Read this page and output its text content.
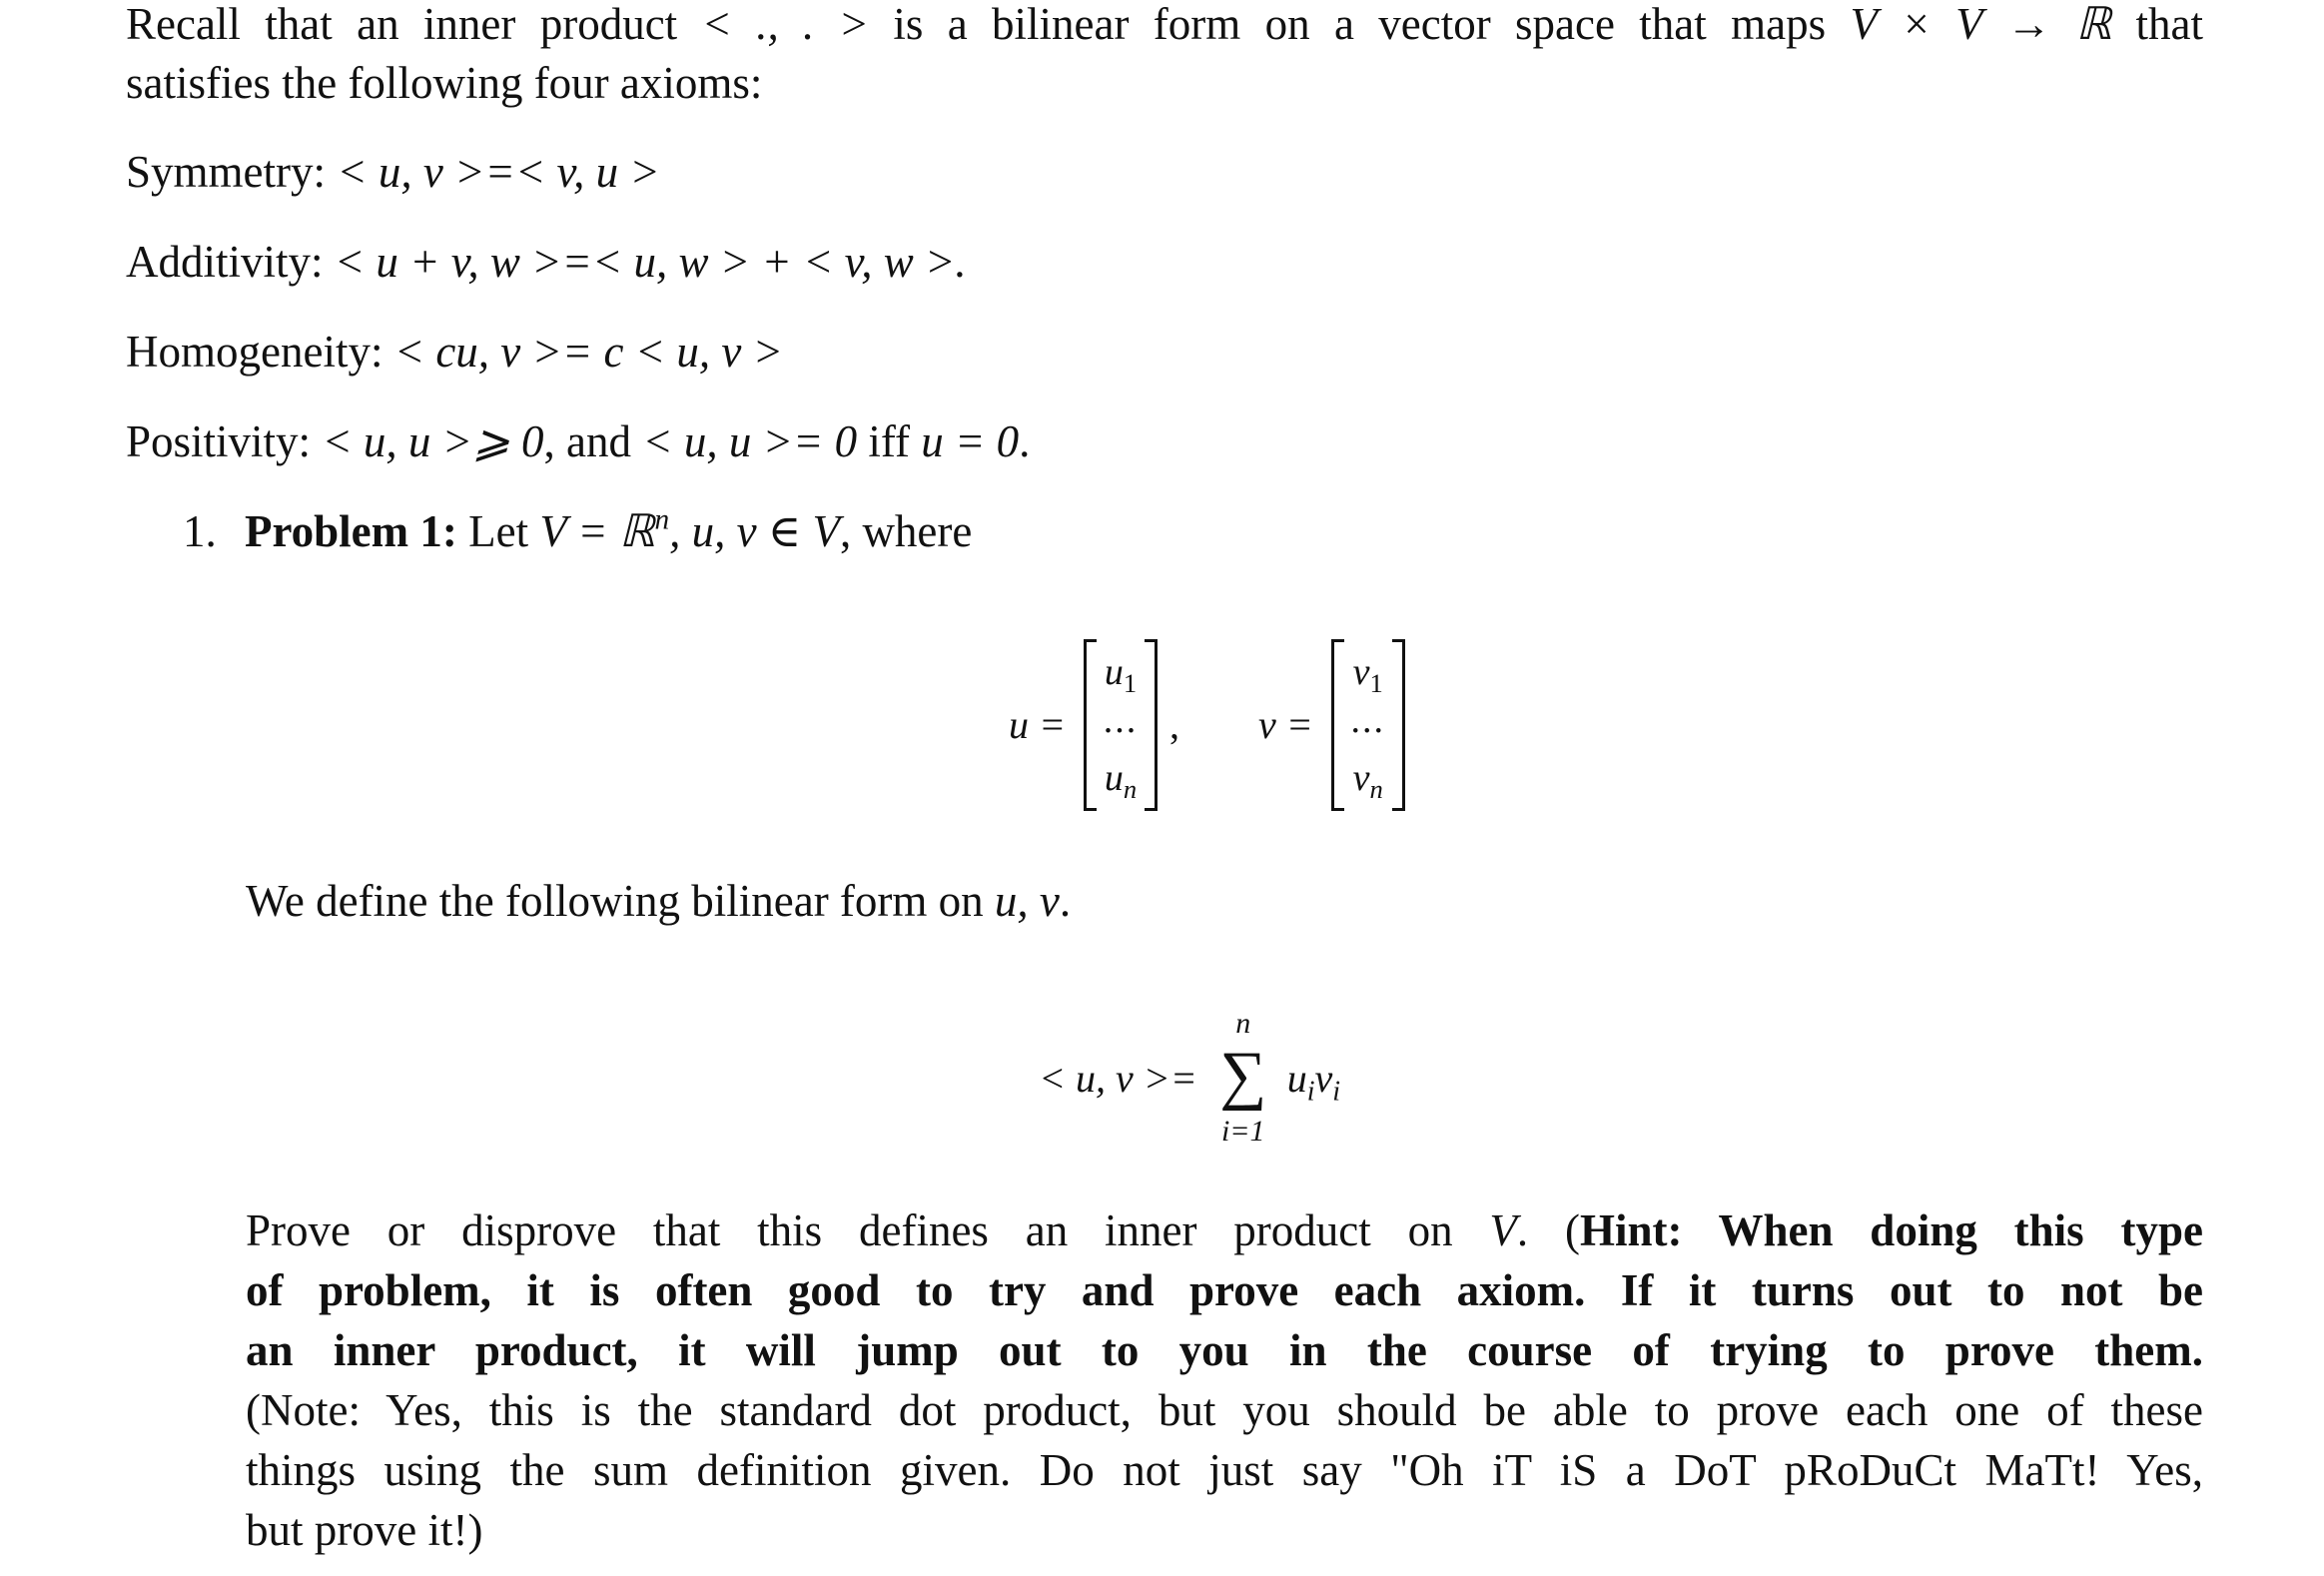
Recall that an inner product < ., . > is a bilinear form on a vector space that maps V × V → ℝ that
satisfies the following four axioms:
Symmetry: < u, v >=< v, u >
Additivity: < u + v, w >=< u, w > + < v, w >.
Homogeneity: < cu, v >= c < u, v >
Positivity: < u, u >⩾ 0, and < u, u >= 0 iff u = 0.
1. Problem 1: Let V = ℝ$^n$, u, v ∈ V, where
u =
$u_1$
...
$u_n$
, v =
$v_1$
...
$v_n$
We define the following bilinear form on u, v.
< u, v >=
n
∑
i=1
$u_iv_i$
Prove or disprove that this defines an inner product on V. (Hint: When doing this type
of problem, it is often good to try and prove each axiom. If it turns out to not be
an inner product, it will jump out to you in the course of trying to prove them.
(Note: Yes, this is the standard dot product, but you should be able to prove each one of these
things using the sum definition given. Do not just say "Oh iT iS a DoT pRoDuCt MaTt! Yes,
but prove it!)
